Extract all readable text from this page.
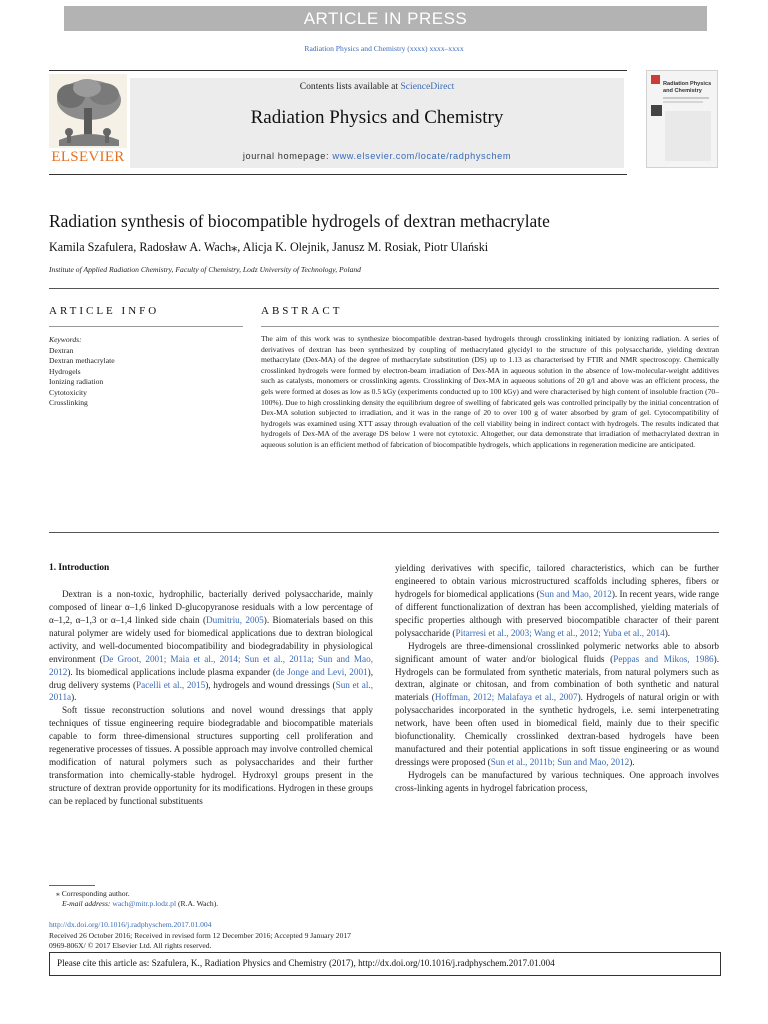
ARTICLE IN PRESS
Radiation Physics and Chemistry (xxxx) xxxx–xxxx
ELSEVIER
Contents lists available at ScienceDirect
Radiation Physics and Chemistry
journal homepage: www.elsevier.com/locate/radphyschem
Radiation Physics and Chemistry
Radiation synthesis of biocompatible hydrogels of dextran methacrylate
Kamila Szafulera, Radosław A. Wach⁎, Alicja K. Olejnik, Janusz M. Rosiak, Piotr Ulański
Institute of Applied Radiation Chemistry, Faculty of Chemistry, Lodz University of Technology, Poland
ARTICLE INFO	ABSTRACT
Keywords:
Dextran
Dextran methacrylate
Hydrogels
Ionizing radiation
Cytotoxicity
Crosslinking

The aim of this work was to synthesize biocompatible dextran-based hydrogels through crosslinking initiated by ionizing radiation. A series of derivatives of dextran has been synthesized by coupling of methacrylated glycidyl to the structure of this polysaccharide, yielding dextran methacrylate (Dex-MA) of the degree of methacrylate substitution (DS) up to 1.13 as characterised by FTIR and NMR spectroscopy. Chemically crosslinked hydrogels were formed by electron-beam irradiation of Dex-MA in aqueous solution in the absence of low-molecular-weight additives such as catalysts, monomers or crosslinking agents. Crosslinking of Dex-MA in aqueous solutions of 20 g/l and above was an efficient process, the gels were formed at doses as low as 0.5 kGy (experiments conducted up to 100 kGy) and were characterised by high content of insoluble fraction (70–100%). Due to high crosslinking density the equilibrium degree of swelling of fabricated gels was controlled principally by the initial concentration of Dex-MA solution subjected to irradiation, and it was in the range of 20 to over 100 g of water absorbed by gram of gel. Cytocompatibility of hydrogels was examined using XTT assay through evaluation of the cell viability being in indirect contact with hydrogels. The results indicated that hydrogels of Dex-MA of the average DS below 1 were not cytotoxic. Altogether, our data demonstrate that irradiation of methacrylated dextran in aqueous solution is an efficient method of fabrication of biocompatible hydrogels, which applications in regeneration medicine are anticipated.

1. Introduction

Dextran is a non-toxic, hydrophilic, bacterially derived polysaccharide, mainly composed of linear α–1,6 linked D-glucopyranose residuals with a low percentage of α–1,2, α–1,3 or α–1,4 linked side chain (Dumitriu, 2005). Biomaterials based on this natural polymer are widely used for biomedical applications due to dextran biological activity, and well-documented biocompatibility and biodegradability in physiological environment (De Groot, 2001; Maia et al., 2014; Sun et al., 2011a; Sun and Mao, 2012). Its biomedical applications include plasma expander (de Jonge and Levi, 2001), drug delivery systems (Pacelli et al., 2015), hydrogels and wound dressings (Sun et al., 2011a).

Soft tissue reconstruction solutions and novel wound dressings that apply techniques of tissue engineering require biodegradable and biocompatible materials capable to form three-dimensional structures supporting cell proliferation and regenerative processes of tissues. A possible approach may involve controlled chemical modification of natural polymers such as polysaccharides and their further transformation into chemically-stable hydrogel. Hydroxyl groups present in the structure of dextran provide opportunity for its modifications. Hydrogen in these groups can be replaced by functional substituents

yielding derivatives with specific, tailored characteristics, which can be further engineered to obtain various microstructured scaffolds including spheres, fibers or hydrogels for biomedical applications (Sun and Mao, 2012). In recent years, wide range of different functionalization of dextran has been accomplished, yielding materials of specific properties although with preserved biocompatible character of their parent polysaccharide (Pitarresi et al., 2003; Wang et al., 2012; Yuba et al., 2014).

Hydrogels are three-dimensional crosslinked polymeric networks able to absorb significant amount of water and/or biological fluids (Peppas and Mikos, 1986). Hydrogels can be formulated from synthetic materials, from natural polymers such as dextran, alginate or chitosan, and from combination of both synthetic and natural materials (Hoffman, 2012; Malafaya et al., 2007). Hydrogels of natural origin or with polysaccharides incorporated in the synthetic hydrogels, i.e. semi interpenetrating network, have been often used in biomedical field, mainly due to their specific biofunctionality. Chemically crosslinked dextran-based hydrogels have been manufactured and their potential applications in soft tissue engineering or as wound dressings were proposed (Sun et al., 2011b; Sun and Mao, 2012).

Hydrogels can be manufactured by various techniques. One approach involves cross-linking agents in hydrogel fabrication process,

⁎ Corresponding author.
E-mail address: wach@mitr.p.lodz.pl (R.A. Wach).
http://dx.doi.org/10.1016/j.radphyschem.2017.01.004
Received 26 October 2016; Received in revised form 12 December 2016; Accepted 9 January 2017
0969-806X/ © 2017 Elsevier Ltd. All rights reserved.
Please cite this article as: Szafulera, K., Radiation Physics and Chemistry (2017), http://dx.doi.org/10.1016/j.radphyschem.2017.01.004
